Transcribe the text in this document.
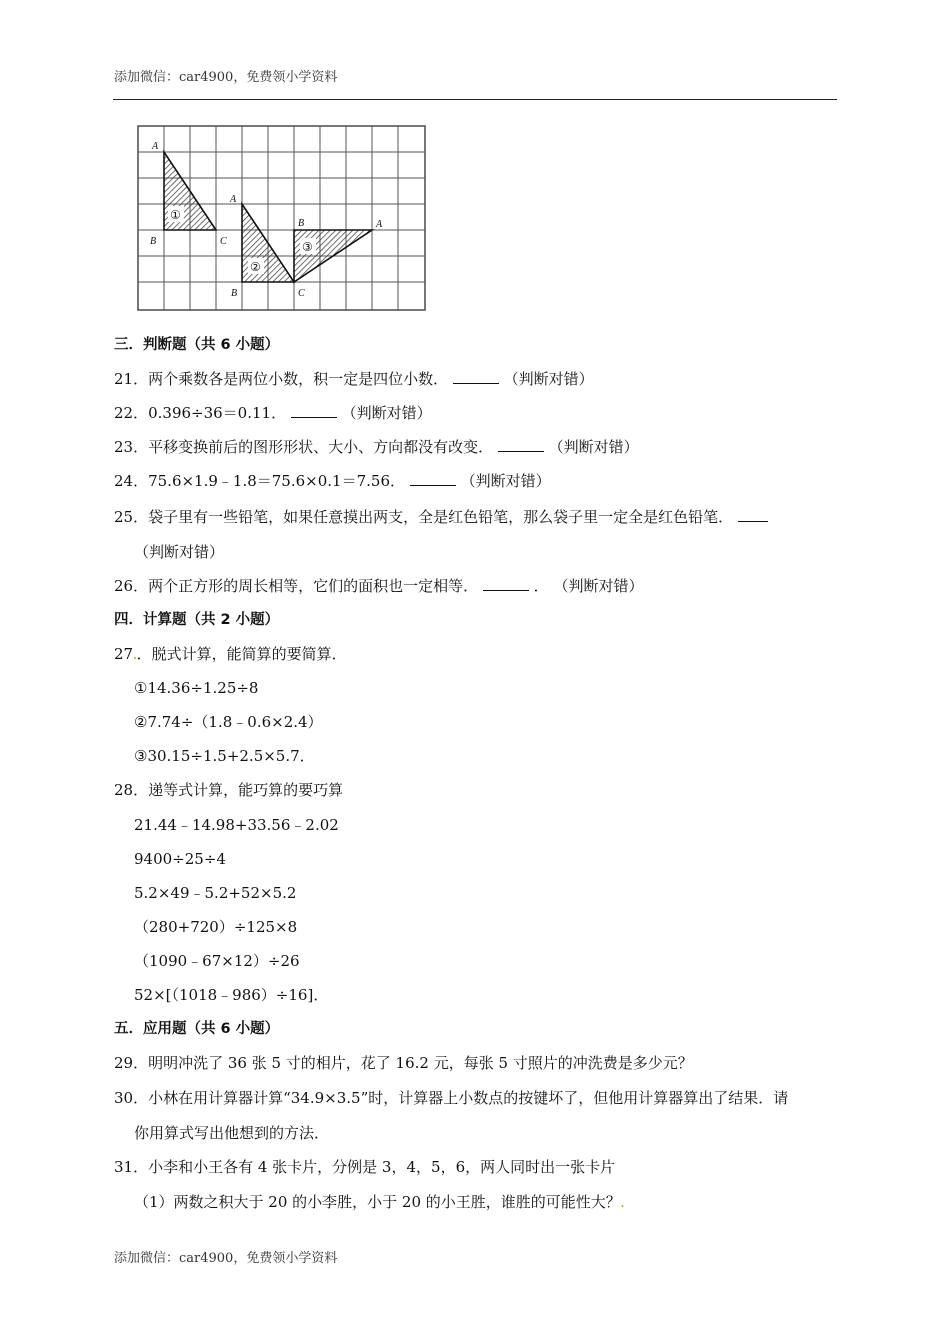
添加微信：car4900，免费领小学资料
A
B	C
A
B	C
B	A
①
②
③
三．判断题（共 6 小题）
21．两个乘数各是两位小数，积一定是四位小数．	（判断对错）
22．0.396÷36＝0.11．	（判断对错）
23．平移变换前后的图形形状、大小、方向都没有改变．	（判断对错）
24．75.6×1.9﹣1.8＝75.6×0.1＝7.56．	（判断对错）
25．袋子里有一些铅笔，如果任意摸出两支，全是红色铅笔，那么袋子里一定全是红色铅笔．
（判断对错）
26．两个正方形的周长相等，它们的面积也一定相等．	． （判断对错）
四．计算题（共 2 小题）
27.．脱式计算，能简算的要简算．
①14.36÷1.25÷8
②7.74÷（1.8﹣0.6×2.4）
③30.15÷1.5+2.5×5.7．
28．递等式计算，能巧算的要巧算
21.44﹣14.98+33.56﹣2.02
9400÷25÷4
5.2×49﹣5.2+52×5.2
（280+720）÷125×8
（1090﹣67×12）÷26
52×[（1018﹣986）÷16]．
五．应用题（共 6 小题）
29．明明冲洗了 36 张 5 寸的相片，花了 16.2 元，每张 5 寸照片的冲洗费是多少元？
30．小林在用计算器计算“34.9×3.5”时，计算器上小数点的按键坏了，但他用计算器算出了结果．请
你用算式写出他想到的方法．
31．小李和小王各有 4 张卡片，分例是 3，4，5，6，两人同时出一张卡片
（1）两数之积大于 20 的小李胜，小于 20 的小王胜，谁胜的可能性大？.
添加微信：car4900，免费领小学资料
